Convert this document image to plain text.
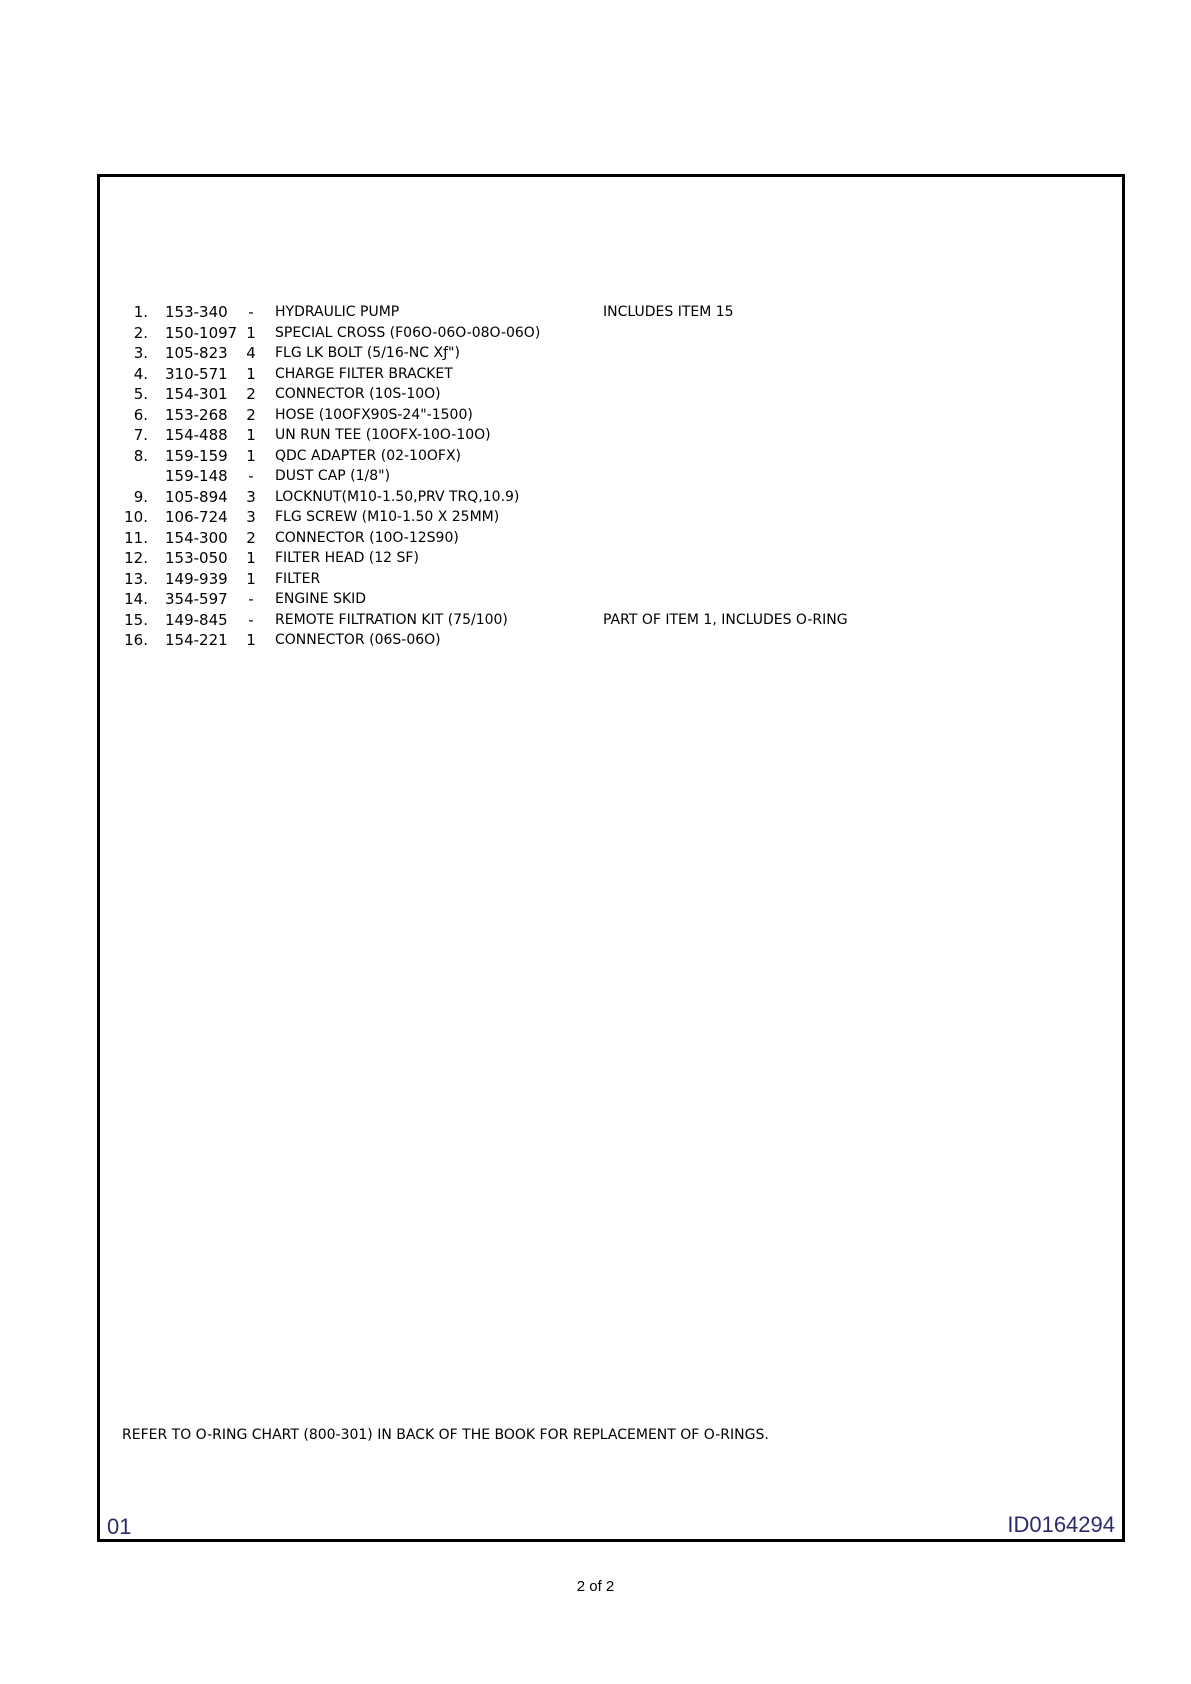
1. 153-340 -	HYDRAULIC PUMP	INCLUDES ITEM 15
2. 150-1097 1 SPECIAL CROSS (F06O-06O-08O-06O)
3. 105-823 4 FLG LK BOLT (5/16-NC Xƒ")
4. 310-571 1 CHARGE FILTER BRACKET
5. 154-301 2 CONNECTOR (10S-10O)
6. 153-268 2 HOSE (10OFX90S-24"-1500)
7. 154-488 1 UN RUN TEE (10OFX-10O-10O)
8. 159-159 1 QDC ADAPTER (02-10OFX)
159-148 -	DUST CAP (1/8")
9. 105-894 3 LOCKNUT(M10-1.50,PRV TRQ,10.9)
10. 106-724 3 FLG SCREW (M10-1.50 X 25MM)
11. 154-300 2 CONNECTOR (10O-12S90)
12. 153-050 1 FILTER HEAD (12 SF)
13. 149-939 1 FILTER
14. 354-597 -	ENGINE SKID
15. 149-845 -	REMOTE FILTRATION KIT (75/100)	PART OF ITEM 1, INCLUDES O-RING
16. 154-221 1 CONNECTOR (06S-06O)
REFER TO O-RING CHART (800-301) IN BACK OF THE BOOK FOR REPLACEMENT OF O-RINGS.
01	ID0164294
2 of 2
